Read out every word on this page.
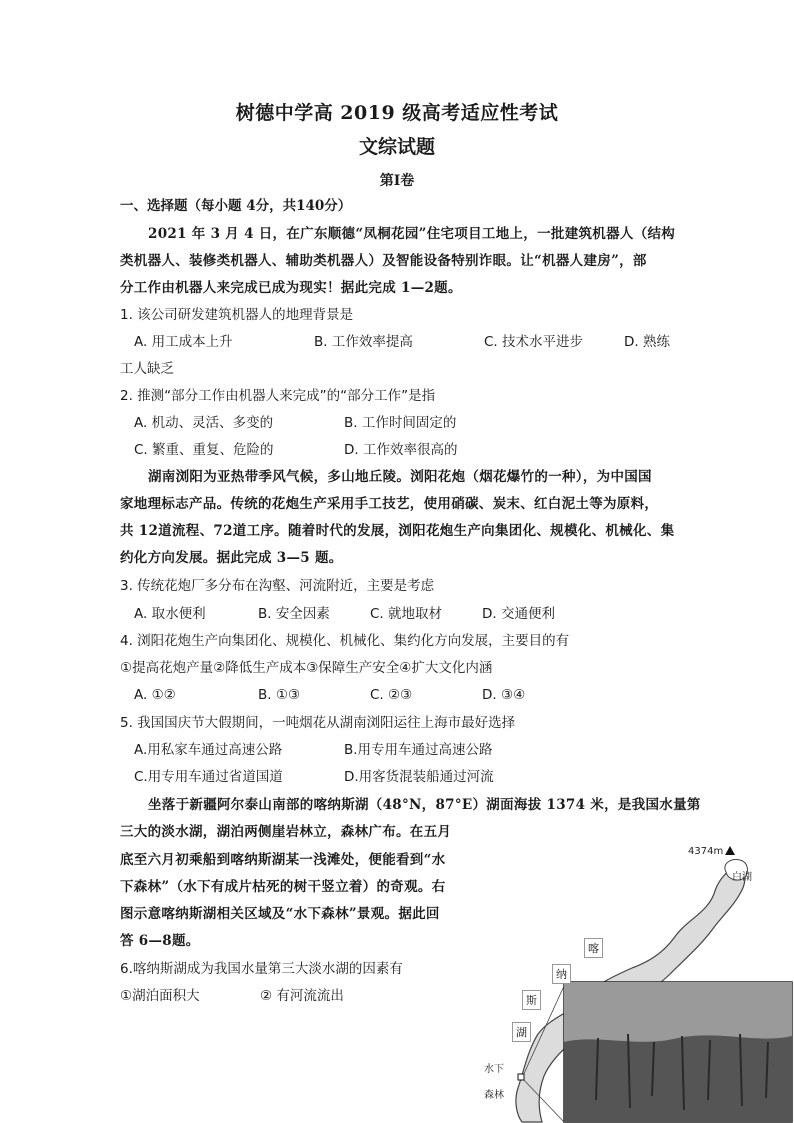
树德中学高 2019 级高考适应性考试
文综试题
第Ⅰ卷
一、选择题（每小题 4分，共140分）
2021 年 3 月 4 日，在广东顺德“凤桐花园”住宅项目工地上，一批建筑机器人（结构
类机器人、装修类机器人、辅助类机器人）及智能设备特别诈眼。让“机器人建房”，部
分工作由机器人来完成已成为现实！据此完成 1—2题。
1. 该公司研发建筑机器人的地理背景是
A. 用工成本上升	B. 工作效率提高	C. 技术水平进步	D. 熟练
工人缺乏
2. 推测“部分工作由机器人来完成”的“部分工作”是指
A. 机动、灵活、多变的	B. 工作时间固定的
C. 繁重、重复、危险的	D. 工作效率很高的
湖南浏阳为亚热带季风气候，多山地丘陵。浏阳花炮（烟花爆竹的一种），为中国国
家地理标志产品。传统的花炮生产采用手工技艺，使用硝碳、炭末、红白泥土等为原料，
共 12道流程、72道工序。随着时代的发展，浏阳花炮生产向集团化、规模化、机械化、集
约化方向发展。据此完成 3—5 题。
3. 传统花炮厂多分布在沟壑、河流附近，主要是考虑
A. 取水便利	B. 安全因素	C. 就地取材	D. 交通便利
4. 浏阳花炮生产向集团化、规模化、机械化、集约化方向发展，主要目的有
①提高花炮产量②降低生产成本③保障生产安全④扩大文化内涵
A. ①②	B. ①③	C. ②③	D. ③④
5. 我国国庆节大假期间，一吨烟花从湖南浏阳运往上海市最好选择
A.用私家车通过高速公路	B.用专用车通过高速公路
C.用专用车通过省道国道	D.用客货混装船通过河流
坐落于新疆阿尔泰山南部的喀纳斯湖（48°N，87°E）湖面海拔 1374 米，是我国水量第
三大的淡水湖，湖泊两侧崖岩林立，森林广布。在五月
底至六月初乘船到喀纳斯湖某一浅滩处，便能看到“水
下森林”（水下有成片枯死的树干竖立着）的奇观。右
图示意喀纳斯湖相关区域及“水下森林”景观。据此回
答 6—8题。
6.喀纳斯湖成为我国水量第三大淡水湖的因素有
①湖泊面积大	② 有河流流出
4374m
白湖
喀
纳
斯
湖
水下
森林
